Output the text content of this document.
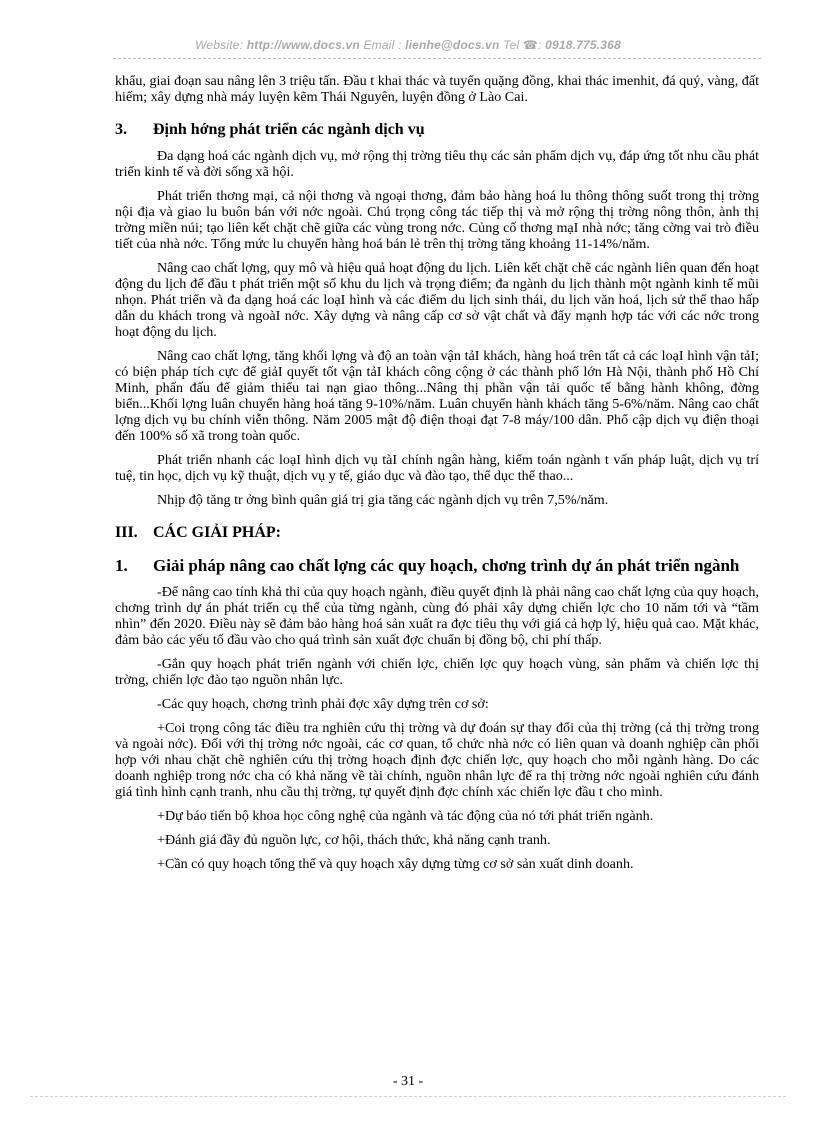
Website: http://www.docs.vn Email : lienhe@docs.vn Tel ☎: 0918.775.368

khẩu, giai đoạn sau nâng lên 3 triệu tấn. Đầu t khai thác và tuyển quặng đồng, khai thác imenhit, đá quý, vàng, đất hiếm; xây dựng nhà máy luyện kẽm Thái Nguyên, luyện đồng ở Lào Cai.

3.	Định hớng phát triển các ngành dịch vụ

Đa dạng hoá các ngành dịch vụ, mở rộng thị trờng tiêu thụ các sản phẩm dịch vụ, đáp ứng tốt nhu cầu phát triển kinh tế và đời sống xã hội.

Phát triển thơng mại, cả nội thơng và ngoại thơng, đảm bảo hàng hoá lu thông thông suốt trong thị trờng nội địa và giao lu buôn bán với nớc ngoài. Chú trọng công tác tiếp thị và mở rộng thị trờng nông thôn, ành thị trờng miền núi; tạo liên kết chặt chẽ giữa các vùng trong nớc. Củng cố thơng mạI nhà nớc; tăng cờng vai trò điều tiết của nhà nớc. Tổng mức lu chuyển hàng hoá bán lẻ trên thị trờng tăng khoảng 11-14%/năm.

Nâng cao chất lợng, quy mô và hiệu quả hoạt động du lịch. Liên kết chặt chẽ các ngành liên quan đến hoạt động du lịch để đầu t phát triển một số khu du lịch và trọng điểm; đa ngành du lịch thành một ngành kinh tế mũi nhọn. Phát triển và đa dạng hoá các loạI hình và các điểm du lịch sinh thái, du lịch văn hoá, lịch sử thể thao hấp dẫn du khách trong và ngoàI nớc. Xây dựng và nâng cấp cơ sở vật chất và đẩy mạnh hợp tác với các nớc trong hoạt động du lịch.

Nâng cao chất lợng, tăng khối lợng và độ an toàn vận tảI khách, hàng hoá trên tất cả các loạI hình vận tảI; có biện pháp tích cực để giảI quyết tốt vận tảI khách công cộng ở các thành phố lớn Hà Nội, thành phố Hồ Chí Minh, phấn đấu để giảm thiểu tai nạn giao thông...Nâng thị phần vận tải quốc tế bằng hành không, đờng biển...Khối lợng luân chuyển hàng hoá tăng 9-10%/năm. Luân chuyển hành khách tăng 5-6%/năm. Nâng cao chất lợng dịch vụ bu chính viễn thông. Năm 2005 mật độ điện thoại đạt 7-8 máy/100 dân. Phổ cập dịch vụ điện thoại đến 100% số xã trong toàn quốc.

Phát triển nhanh các loạI hình dịch vụ tàI chính ngân hàng, kiểm toán ngành t vấn pháp luật, dịch vụ trí tuệ, tin học, dịch vụ kỹ thuật, dịch vụ y tế, giáo dục và đào tạo, thể dục thể thao...

Nhịp độ tăng tr ởng bình quân giá trị gia tăng các ngành dịch vụ trên 7,5%/năm.

III. CÁC GIẢI PHÁP:
1.	Giải pháp nâng cao chất lợng các quy hoạch, chơng trình dự án phát triển ngành

-Để nâng cao tính khả thi của quy hoạch ngành, điều quyết định là phải nâng cao chất lợng của quy hoạch, chơng trình dự án phát triển cụ thể của từng ngành, cùng đó phải xây dựng chiến lợc cho 10 năm tới và “tầm nhìn” đến 2020. Điều này sẽ đảm bảo hàng hoá sản xuất ra đợc tiêu thụ với giá cả hợp lý, hiệu quả cao. Mặt khác, đảm bảo các yếu tố đầu vào cho quá trình sản xuất đợc chuẩn bị đồng bộ, chi phí thấp.

-Gắn quy hoạch phát triển ngành với chiến lợc, chiến lợc quy hoạch vùng, sản phẩm và chiến lợc thị trờng, chiến lợc đào tạo nguồn nhân lực.

-Các quy hoạch, chơng trình phải đợc xây dựng trên cơ sở:

+Coi trọng công tác điều tra nghiên cứu thị trờng và dự đoán sự thay đổi của thị trờng (cả thị trờng trong và ngoài nớc). Đối với thị trờng nớc ngoài, các cơ quan, tổ chức nhà nớc có liên quan và doanh nghiệp cần phối hợp với nhau chặt chẽ nghiên cứu thị trờng hoạch định đợc chiến lợc, quy hoạch cho mỗi ngành hàng. Do các doanh nghiệp trong nớc cha có khả năng về tài chính, nguồn nhân lực để ra thị trờng nớc ngoài nghiên cứu đánh giá tình hình cạnh tranh, nhu cầu thị trờng, tự quyết định đợc chính xác chiến lợc đầu t cho mình.

+Dự báo tiến bộ khoa học công nghệ của ngành và tác động của nó tới phát triển ngành.

+Đánh giá đầy đủ nguồn lực, cơ hội, thách thức, khả năng cạnh tranh.

+Cần có quy hoạch tổng thể và quy hoạch xây dựng từng cơ sở sản xuất dinh doanh.

- 31 -
